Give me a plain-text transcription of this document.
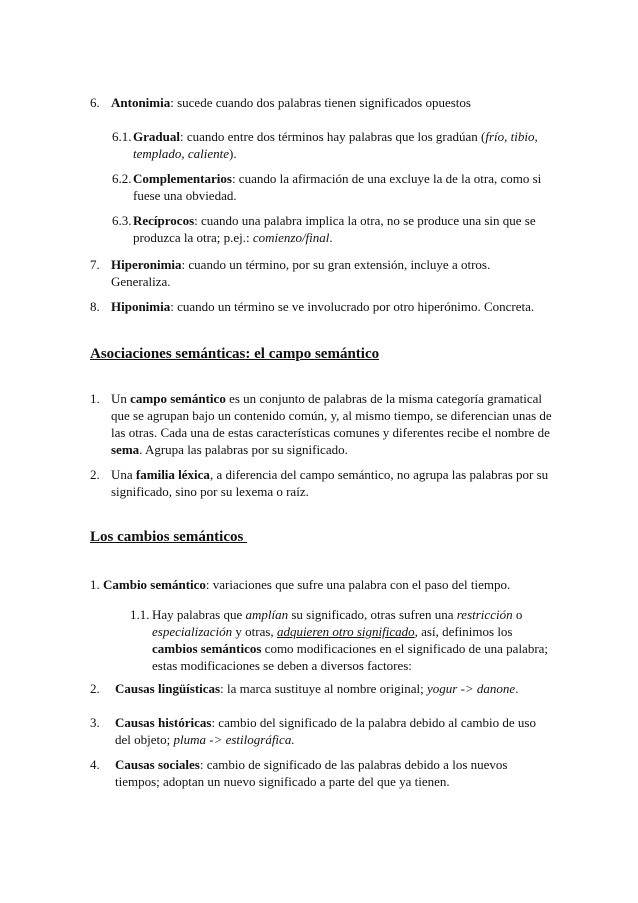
6. Antonimia: sucede cuando dos palabras tienen significados opuestos
6.1. Gradual: cuando entre dos términos hay palabras que los gradúan (frío, tibio, templado, caliente).
6.2. Complementarios: cuando la afirmación de una excluye la de la otra, como si fuese una obviedad.
6.3. Recíprocos: cuando una palabra implica la otra, no se produce una sin que se produzca la otra; p.ej.: comienzo/final.
7. Hiperonimia: cuando un término, por su gran extensión, incluye a otros. Generaliza.
8. Hiponimia: cuando un término se ve involucrado por otro hiperónimo. Concreta.
Asociaciones semánticas: el campo semántico
1. Un campo semántico es un conjunto de palabras de la misma categoría gramatical que se agrupan bajo un contenido común, y, al mismo tiempo, se diferencian unas de las otras. Cada una de estas características comunes y diferentes recibe el nombre de sema. Agrupa las palabras por su significado.
2. Una familia léxica, a diferencia del campo semántico, no agrupa las palabras por su significado, sino por su lexema o raíz.
Los cambios semánticos
1. Cambio semántico: variaciones que sufre una palabra con el paso del tiempo.
1.1. Hay palabras que amplían su significado, otras sufren una restricción o especialización y otras, adquieren otro significado, así, definimos los cambios semánticos como modificaciones en el significado de una palabra; estas modificaciones se deben a diversos factores:
2.	Causas lingüísticas: la marca sustituye al nombre original; yogur -> danone.
3.	Causas históricas: cambio del significado de la palabra debido al cambio de uso del objeto; pluma -> estilográfica.
4.	Causas sociales: cambio de significado de las palabras debido a los nuevos tiempos; adoptan un nuevo significado a parte del que ya tienen.
